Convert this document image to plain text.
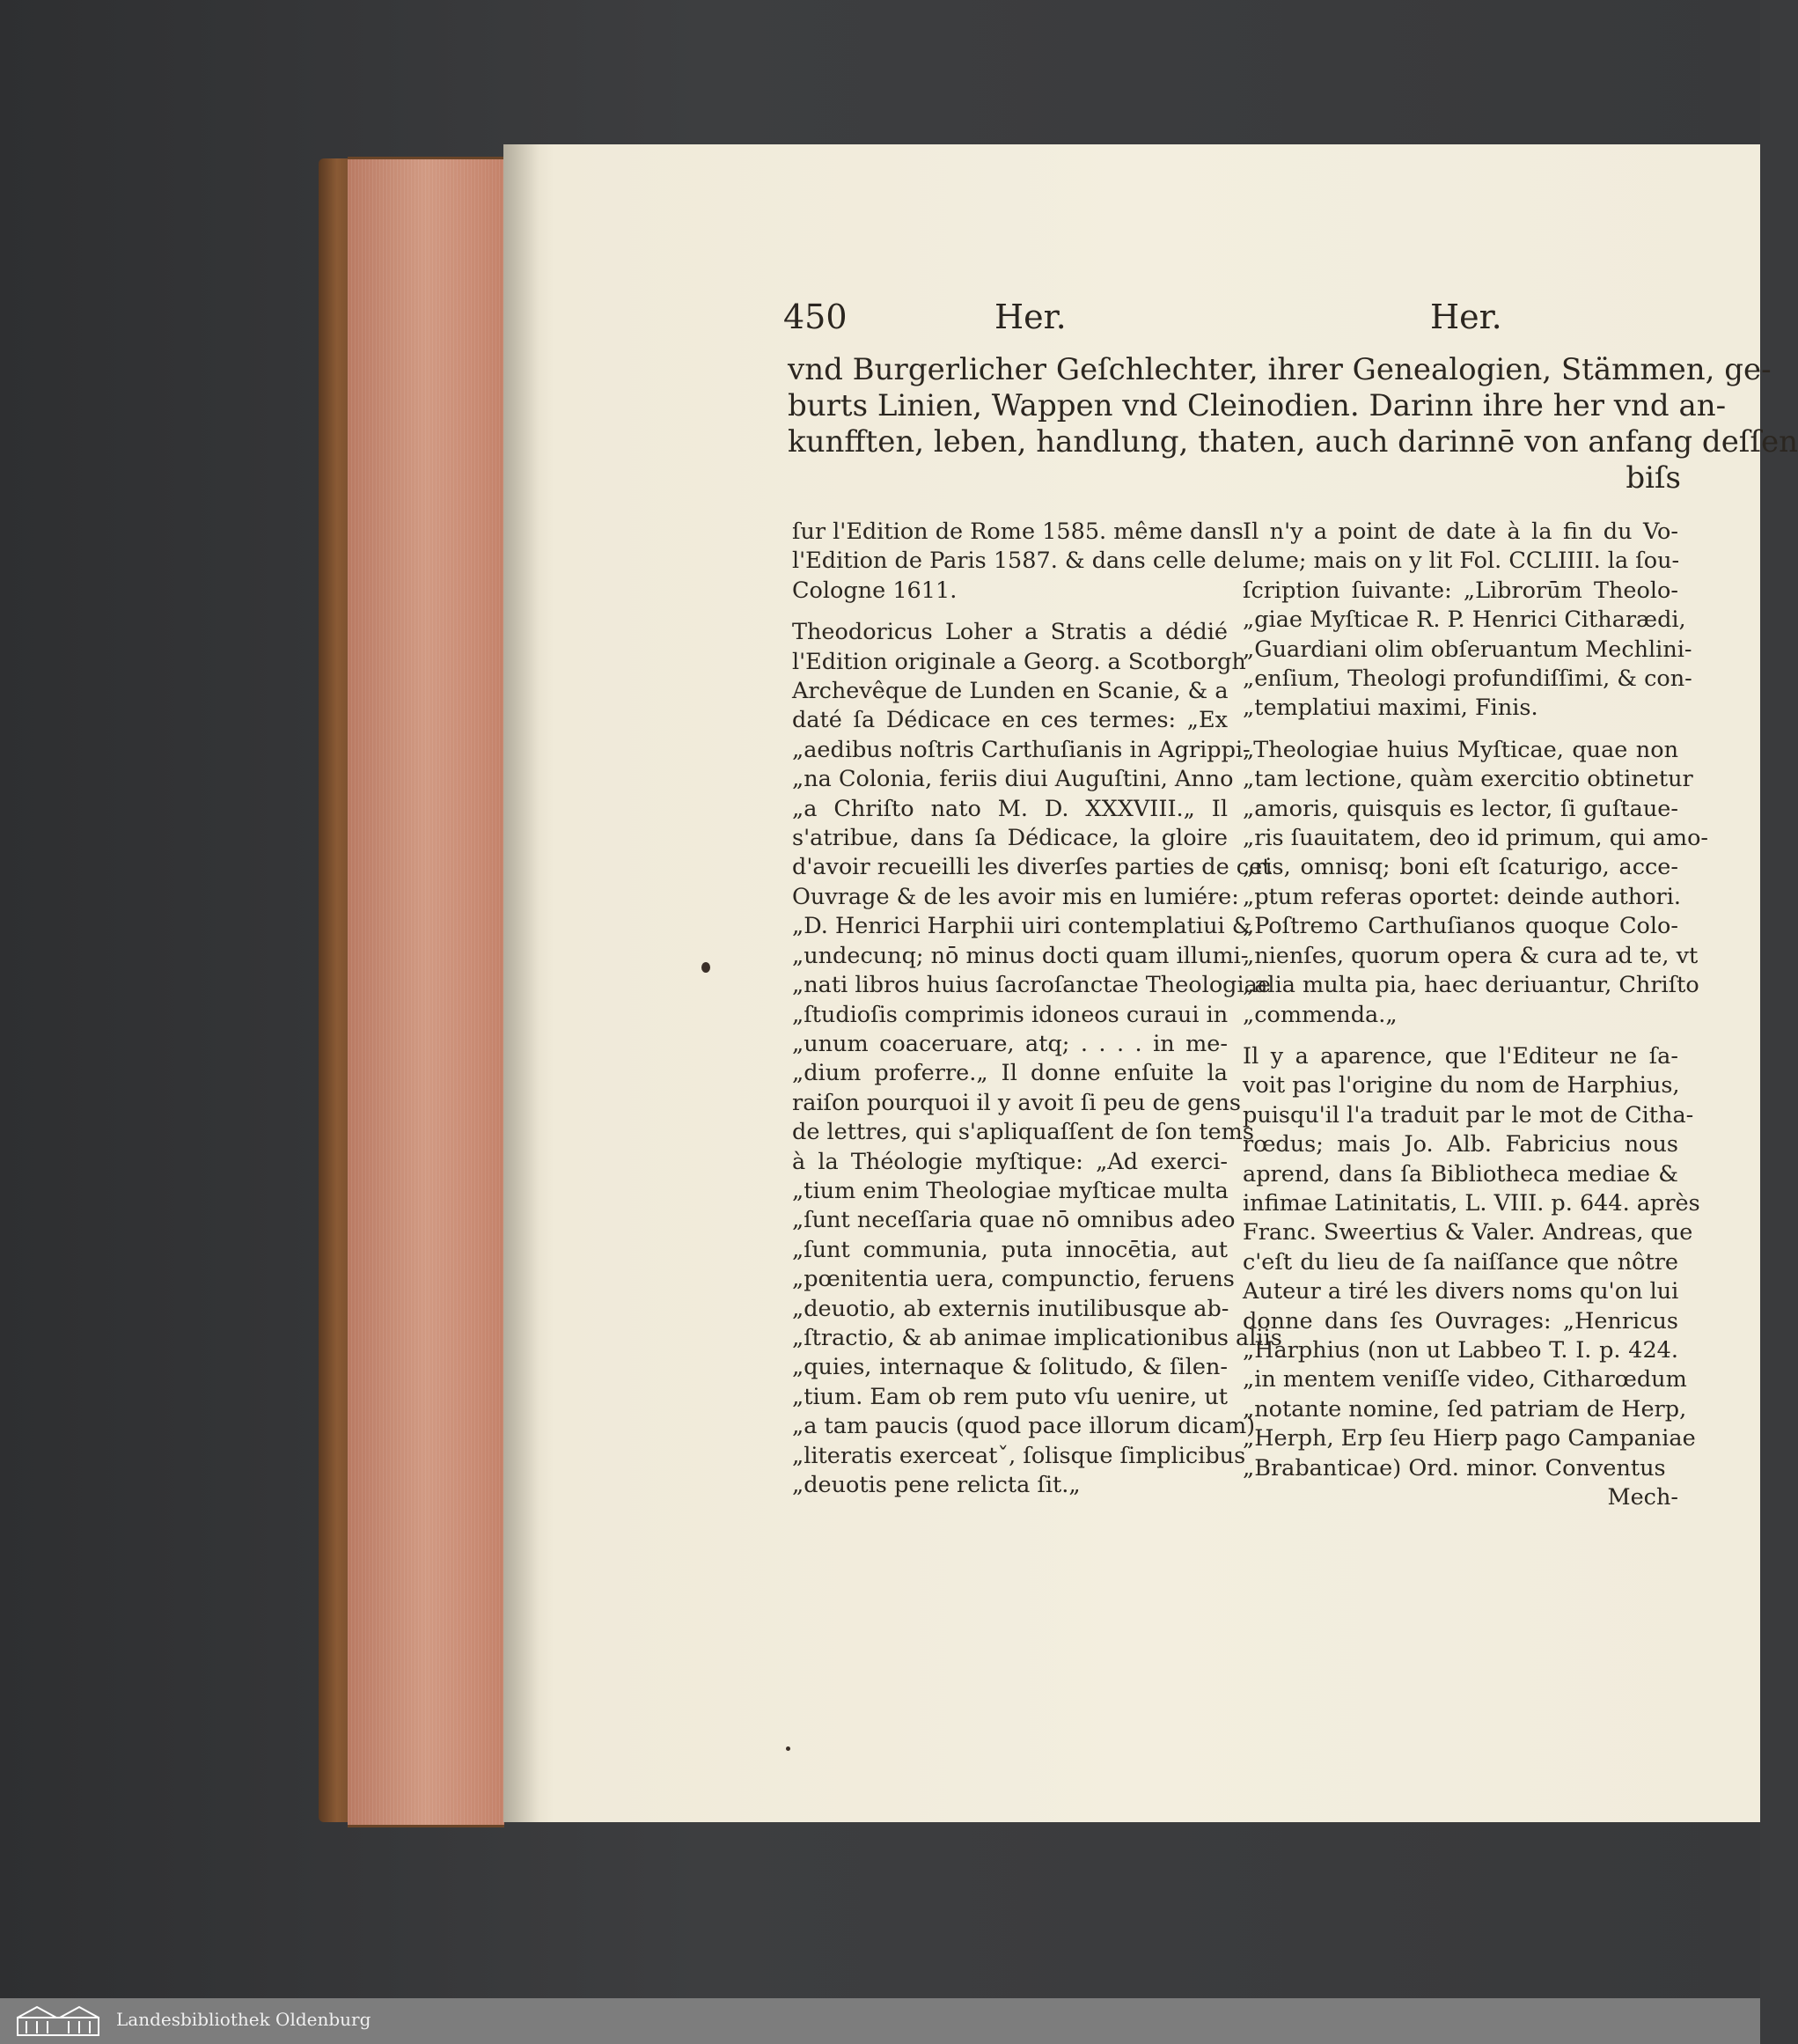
450	Her.	Her.
vnd Burgerlicher Geſchlechter, ihrer Genealogien, Stämmen, ge-
burts Linien, Wappen vnd Cleinodien. Darinn ihre her vnd an-
kunfften, leben, handlung, thaten, auch darinnē von anfang deſſen
biſs
ſur l'Edition de Rome 1585. même dans
l'Edition de Paris 1587. & dans celle de
Cologne 1611.
Theodoricus Loher a Stratis a dédié
l'Edition originale a Georg. a Scotborgh
Archevêque de Lunden en Scanie, & a
daté ſa Dédicace en ces termes: „Ex
„aedibus noſtris Carthuſianis in Agrippi-
„na Colonia, feriis diui Auguſtini, Anno
„a Chriſto nato M. D. XXXVIII.„ Il
s'atribue, dans ſa Dédicace, la gloire
d'avoir recueilli les diverſes parties de cet
Ouvrage & de les avoir mis en lumiére:
„D. Henrici Harphii uiri contemplatiui &
„undecunq; nō minus docti quam illumi-
„nati libros huius ſacroſanctae Theologiae
„ſtudioſis comprimis idoneos curaui in
„unum coaceruare, atq; . . . . in me-
„dium proferre.„ Il donne enſuite la
raiſon pourquoi il y avoit ſi peu de gens
de lettres, qui s'apliquaſſent de ſon tems
à la Théologie myſtique: „Ad exerci-
„tium enim Theologiae myſticae multa
„ſunt neceſſaria quae nō omnibus adeo
„ſunt communia, puta innocētia, aut
„pœnitentia uera, compunctio, feruens
„deuotio, ab externis inutilibusque ab-
„ſtractio, & ab animae implicationibus aliis
„quies, internaque & ſolitudo, & ſilen-
„tium. Eam ob rem puto vſu uenire, ut
„a tam paucis (quod pace illorum dicam)
„literatis exerceatˇ, ſolisque ſimplicibus
„deuotis pene relicta ſit.„
Il n'y a point de date à la fin du Vo-
lume; mais on y lit Fol. CCLIIII. la ſou-
ſcription ſuivante: „Librorūm Theolo-
„giae Myſticae R. P. Henrici Citharædi,
„Guardiani olim obſeruantum Mechlini-
„enſium, Theologi profundiſſimi, & con-
„templatiui maximi, Finis.
„Theologiae huius Myſticae, quae non
„tam lectione, quàm exercitio obtinetur
„amoris, quisquis es lector, ſi guſtaue-
„ris ſuauitatem, deo id primum, qui amo-
„ris, omnisq; boni eſt ſcaturigo, acce-
„ptum referas oportet: deinde authori.
„Poſtremo Carthuſianos quoque Colo-
„nienſes, quorum opera & cura ad te, vt
„alia multa pia, haec deriuantur, Chriſto
„commenda.„
Il y a aparence, que l'Editeur ne ſa-
voit pas l'origine du nom de Harphius,
puisqu'il l'a traduit par le mot de Citha-
rœdus; mais Jo. Alb. Fabricius nous
aprend, dans ſa Bibliotheca mediae &
infimae Latinitatis, L. VIII. p. 644. après
Franc. Sweertius & Valer. Andreas, que
c'eſt du lieu de ſa naiſſance que nôtre
Auteur a tiré les divers noms qu'on lui
donne dans ſes Ouvrages: „Henricus
„Harphius (non ut Labbeo T. I. p. 424.
„in mentem veniſſe video, Citharœdum
„notante nomine, ſed patriam de Herp,
„Herph, Erp ſeu Hierp pago Campaniae
„Brabanticae) Ord. minor. Conventus
Mech-
Landesbibliothek Oldenburg
